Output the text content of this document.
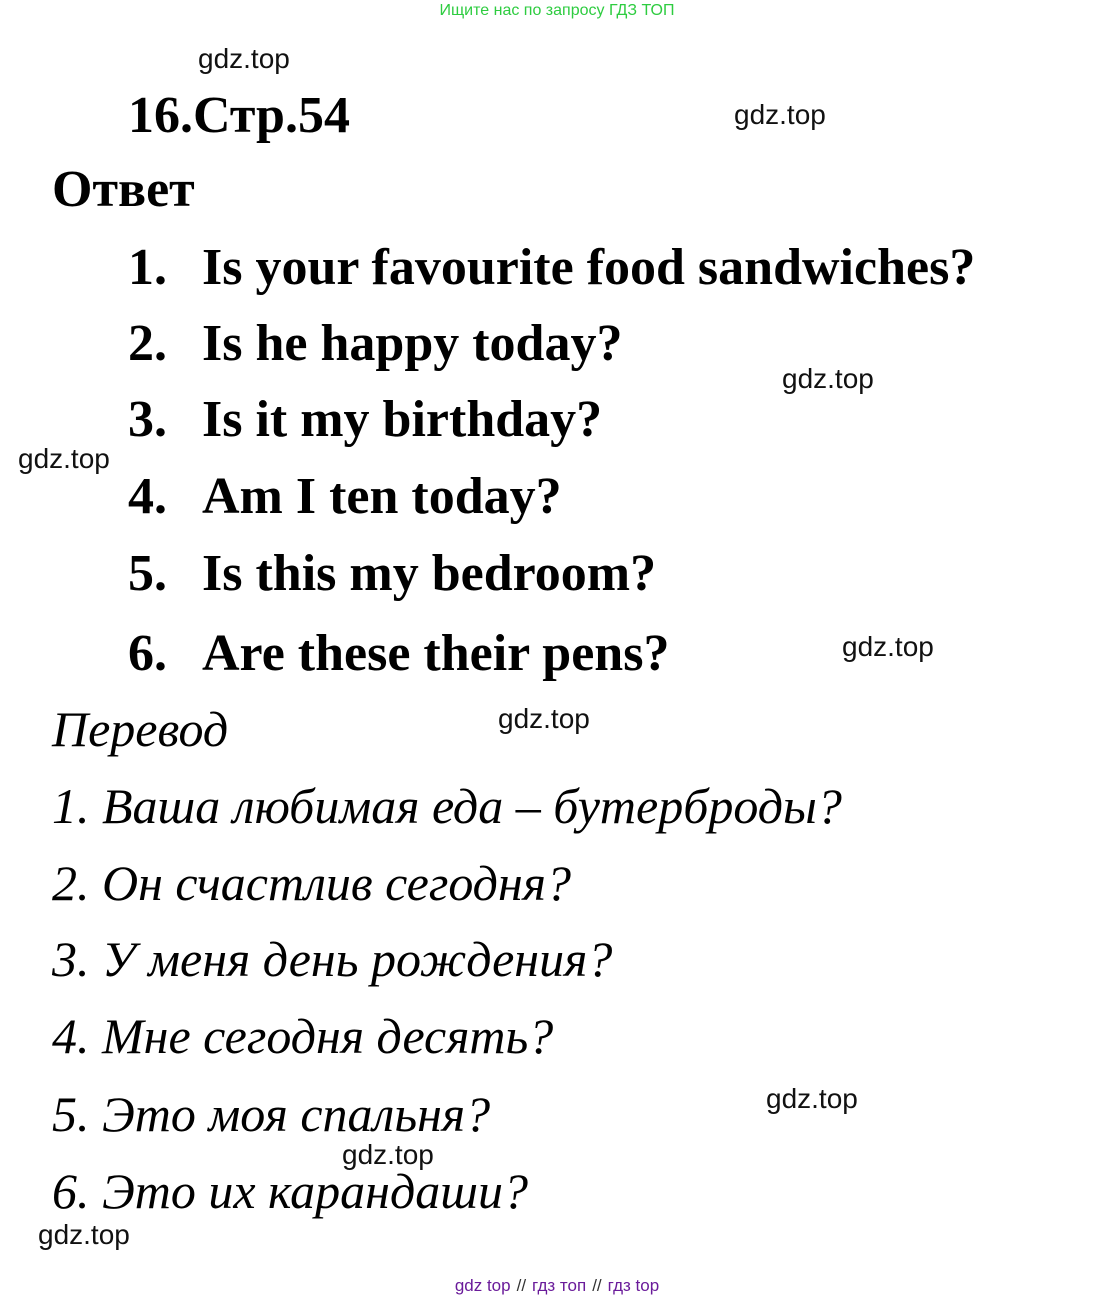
Ищите нас по запросу ГДЗ ТОП
gdz.top
gdz.top
gdz.top
gdz.top
gdz.top
gdz.top
gdz.top
gdz.top
gdz.top
16.Стр.54
Ответ
1. Is your favourite food sandwiches?
2. Is he happy today?
3. Is it my birthday?
4. Am I ten today?
5. Is this my bedroom?
6. Are these their pens?
Перевод
1. Ваша любимая еда – бутерброды?
2. Он счастлив сегодня?
3. У меня день рождения?
4. Мне сегодня десять?
5. Это моя спальня?
6. Это их карандаши?
gdz top // гдз топ // гдз top
